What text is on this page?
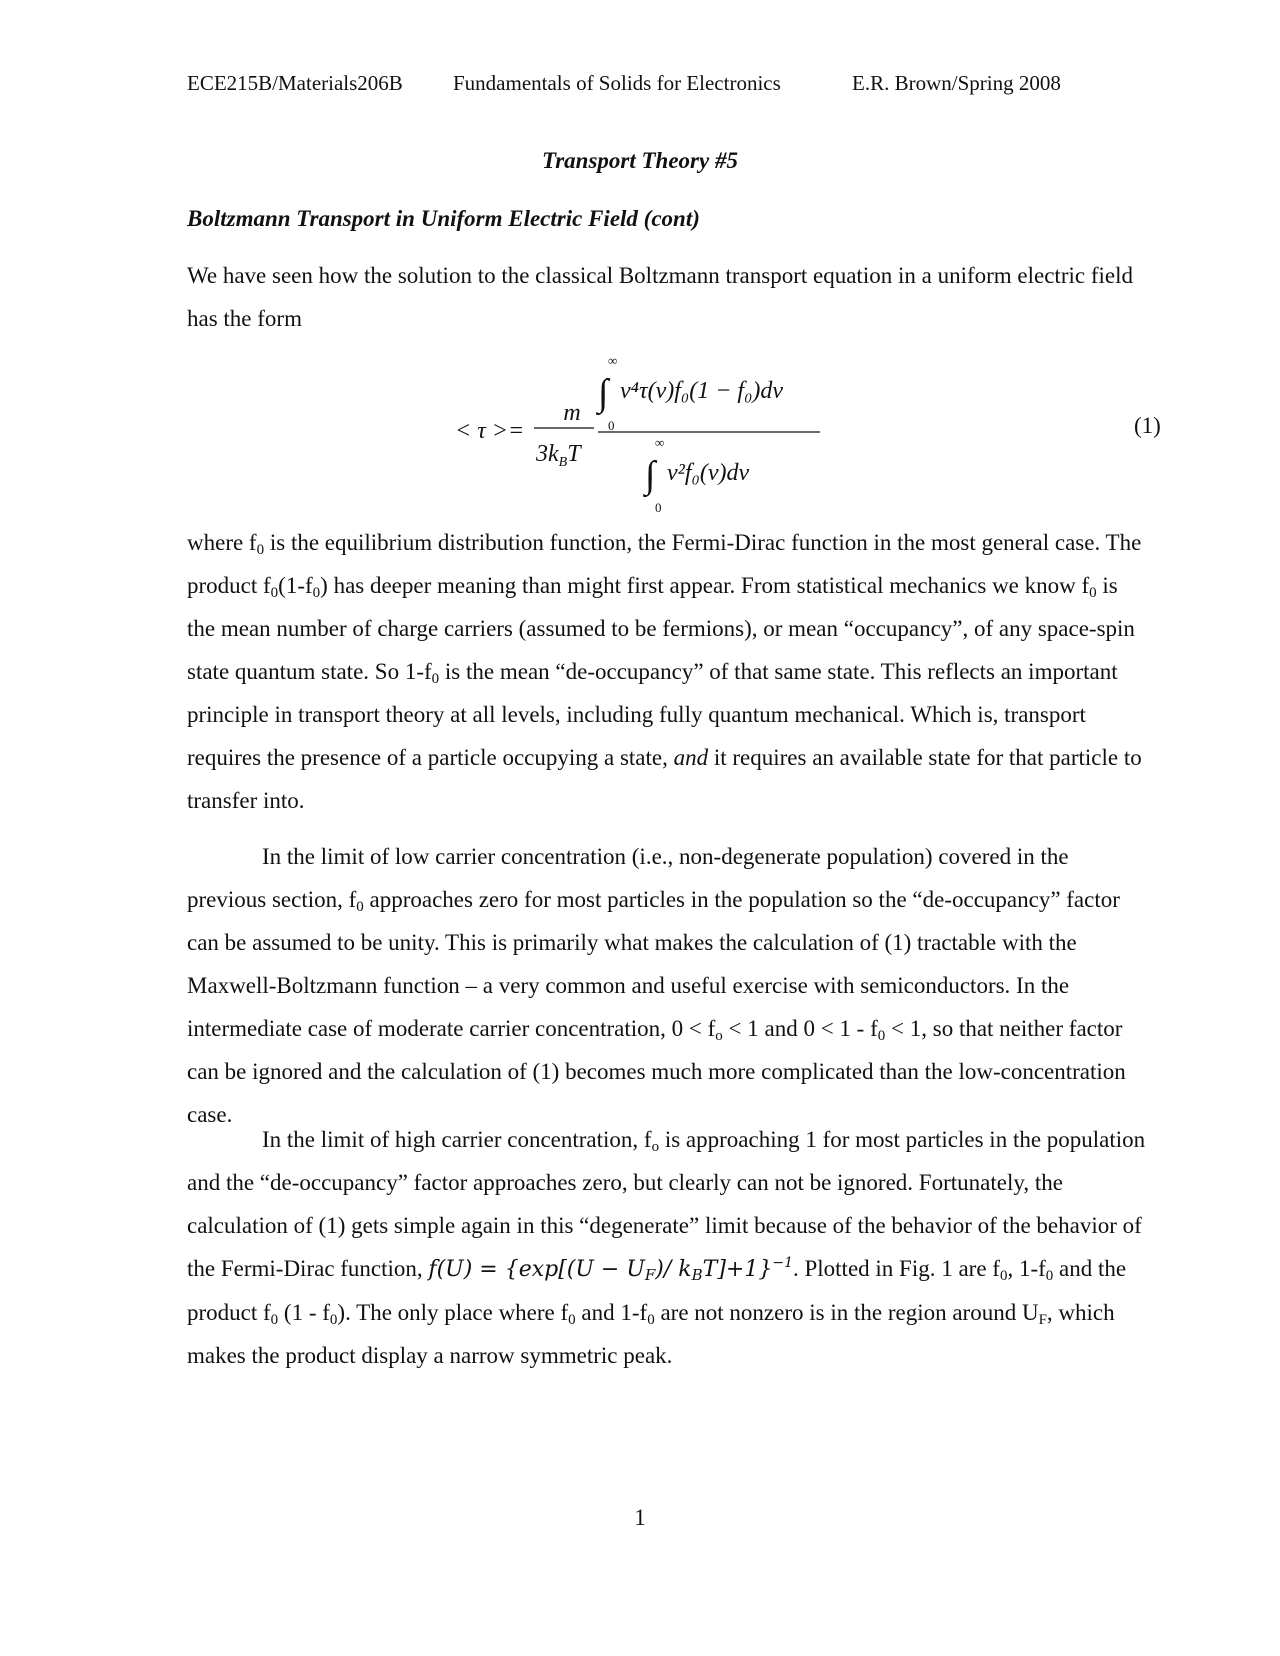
ECE215B/Materials206B Fundamentals of Solids for Electronics	E.R. Brown/Spring 2008
Transport Theory #5
Boltzmann Transport in Uniform Electric Field (cont)
We have seen how the solution to the classical Boltzmann transport equation in a uniform electric field has the form
< τ >=
m
$3k_BT$
∞
∫
0
v⁴τ(v)f₀(1 − f₀)dv
∞
∫
0
v²f₀(v)dv
(1)

where $f_0$ is the equilibrium distribution function, the Fermi-Dirac function in the most general case. The product $f_0(1-f_0)$ has deeper meaning than might first appear. From statistical mechanics we know $f_0$ is the mean number of charge carriers (assumed to be fermions), or mean “occupancy”, of any space-spin state quantum state. So $1-f_0$ is the mean “de-occupancy” of that same state. This reflects an important principle in transport theory at all levels, including fully quantum mechanical. Which is, transport requires the presence of a particle occupying a state, and it requires an available state for that particle to transfer into.

In the limit of low carrier concentration (i.e., non-degenerate population) covered in the previous section, $f_0$ approaches zero for most particles in the population so the “de-occupancy” factor can be assumed to be unity. This is primarily what makes the calculation of (1) tractable with the Maxwell-Boltzmann function – a very common and useful exercise with semiconductors. In the intermediate case of moderate carrier concentration, $0 < f_o < 1$ and $0 < 1 - f_0 < 1$, so that neither factor can be ignored and the calculation of (1) becomes much more complicated than the low-concentration case.

In the limit of high carrier concentration, $f_o$ is approaching 1 for most particles in the population and the “de-occupancy” factor approaches zero, but clearly can not be ignored. Fortunately, the calculation of (1) gets simple again in this “degenerate” limit because of the behavior of the behavior of the Fermi-Dirac function, $f(U) = \{\exp[(U - U_F)/$ $k_BT]+1\}^{-1}$. Plotted in Fig. 1 are $f_0$, $1-f_0$ and the product $f_0$ $(1 - f_0)$. The only place where $f_0$ and $1-f_0$ are not nonzero is in the region around $U_F$, which makes the product display a narrow symmetric peak.

1
